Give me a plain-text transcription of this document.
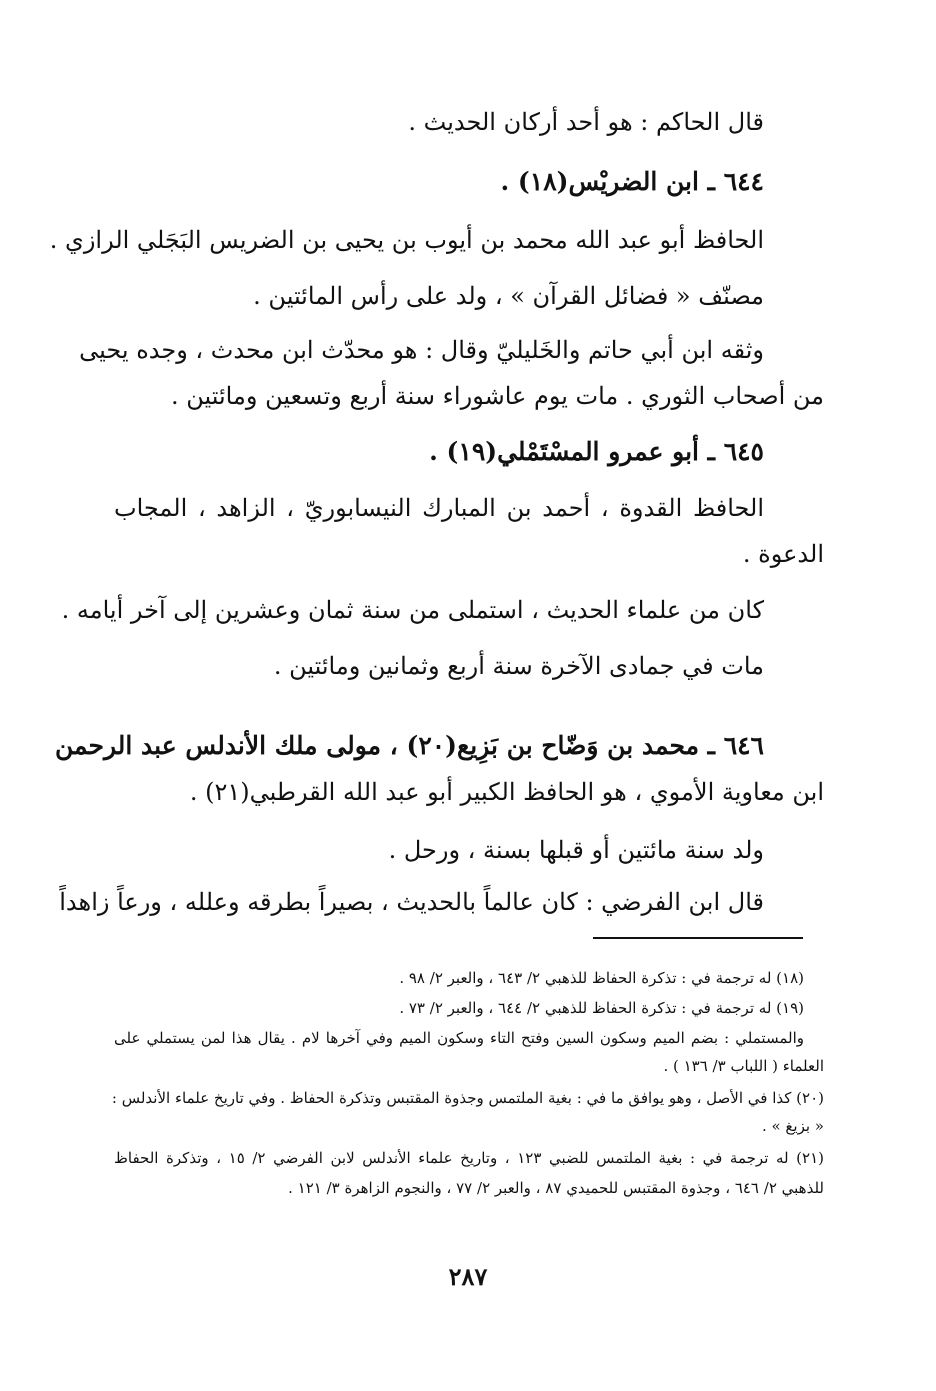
قال الحاكم : هو أحد أركان الحديث .
٦٤٤ ـ ابن الضريْس(١٨) .
الحافظ أبو عبد الله محمد بن أيوب بن يحيى بن الضريس البَجَلي الرازي .
مصنّف « فضائل القرآن » ، ولد على رأس المائتين .
وثقه ابن أبي حاتم والخَليليّ وقال : هو محدّث ابن محدث ، وجده يحيى
من أصحاب الثوري . مات يوم عاشوراء سنة أربع وتسعين ومائتين .
٦٤٥ ـ أبو عمرو المسْتَمْلي(١٩) .
الحافظ القدوة ، أحمد بن المبارك النيسابوريّ ، الزاهد ، المجاب
الدعوة .
كان من علماء الحديث ، استملى من سنة ثمان وعشرين إلى آخر أيامه .
مات في جمادى الآخرة سنة أربع وثمانين ومائتين .
٦٤٦ ـ محمد بن وَضّاح بن بَزِيع(٢٠) ، مولى ملك الأندلس عبد الرحمن
ابن معاوية الأموي ، هو الحافظ الكبير أبو عبد الله القرطبي(٢١) .
ولد سنة مائتين أو قبلها بسنة ، ورحل .
قال ابن الفرضي : كان عالماً بالحديث ، بصيراً بطرقه وعلله ، ورعاً زاهداً
(١٨) له ترجمة في : تذكرة الحفاظ للذهبي ٢/ ٦٤٣ ، والعبر ٢/ ٩٨ .
(١٩) له ترجمة في : تذكرة الحفاظ للذهبي ٢/ ٦٤٤ ، والعبر ٢/ ٧٣ .
والمستملي : بضم الميم وسكون السين وفتح التاء وسكون الميم وفي آخرها لام . يقال هذا لمن يستملي على
العلماء ( اللباب ٣/ ١٣٦ ) .
(٢٠) كذا في الأصل ، وهو يوافق ما في : بغية الملتمس وجذوة المقتبس وتذكرة الحفاظ . وفي تاريخ علماء الأندلس :
« بزيغ » .
(٢١) له ترجمة في : بغية الملتمس للضبي ١٢٣ ، وتاريخ علماء الأندلس لابن الفرضي ٢/ ١٥ ، وتذكرة الحفاظ
للذهبي ٢/ ٦٤٦ ، وجذوة المقتبس للحميدي ٨٧ ، والعبر ٢/ ٧٧ ، والنجوم الزاهرة ٣/ ١٢١ .
٢٨٧
